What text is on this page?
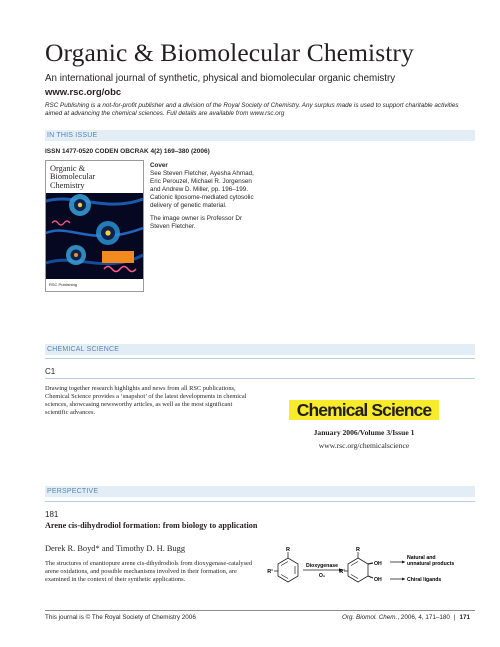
Organic & Biomolecular Chemistry
An international journal of synthetic, physical and biomolecular organic chemistry
www.rsc.org/obc
RSC Publishing is a not-for-profit publisher and a division of the Royal Society of Chemistry. Any surplus made is used to support charitable activities aimed at advancing the chemical sciences. Full details are available from www.rsc.org
IN THIS ISSUE
ISSN 1477-0520 CODEN OBCRAK 4(2) 169–380 (2006)
Organic &
Biomolecular
Chemistry
RSC Publishing
Cover
See Steven Fletcher, Ayesha Ahmad, Eric Perouzel, Michael R. Jorgensen and Andrew D. Miller, pp. 196–199.
Cationic liposome-mediated cytosolic delivery of genetic material.
The image owner is Professor Dr Steven Fletcher.
CHEMICAL SCIENCE
C1
Drawing together research highlights and news from all RSC publications, Chemical Science provides a ‘snapshot’ of the latest developments in chemical sciences, showcasing newsworthy articles, as well as the most significant scientific advances.	Chemical Science
January 2006/Volume 3/Issue 1
www.rsc.org/chemicalscience
PERSPECTIVE
181
Arene cis-dihydrodiol formation: from biology to application
Derek R. Boyd* and Timothy D. H. Bugg
The structures of enantiopure arene cis-dihydrodiols from dioxygenase-catalysed arene oxidations, and possible mechanisms involved in their formation, are examined in the context of their synthetic applications.
R
R¹
Dioxygenase
O₂
R
R¹
OH
OH
Natural and
unnatural products
Chiral ligands
This journal is © The Royal Society of Chemistry 2006	Org. Biomol. Chem., 2006, 4, 171–180 | 171
